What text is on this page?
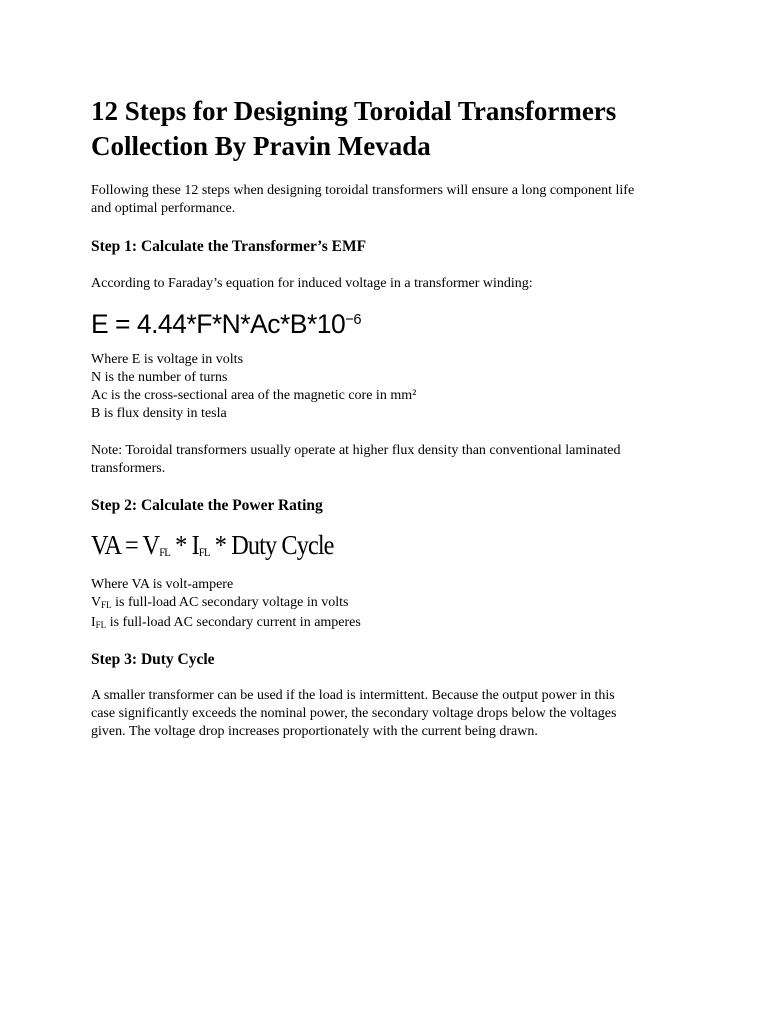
12 Steps for Designing Toroidal Transformers
Collection By Pravin Mevada

Following these 12 steps when designing toroidal transformers will ensure a long component life
and optimal performance.

Step 1: Calculate the Transformer’s EMF

According to Faraday’s equation for induced voltage in a transformer winding:

$E = 4.44*F*N*Ac*B*10^{-6}$

Where E is voltage in volts
N is the number of turns
Ac is the cross-sectional area of the magnetic core in mm²
B is flux density in tesla

Note: Toroidal transformers usually operate at higher flux density than conventional laminated
transformers.

Step 2: Calculate the Power Rating
VA = $V_{FL} * I_{FL}$ * Duty Cycle

Where VA is volt-ampere
VFL is full-load AC secondary voltage in volts
IFL is full-load AC secondary current in amperes

Step 3: Duty Cycle

A smaller transformer can be used if the load is intermittent. Because the output power in this
case significantly exceeds the nominal power, the secondary voltage drops below the voltages
given. The voltage drop increases proportionately with the current being drawn.
